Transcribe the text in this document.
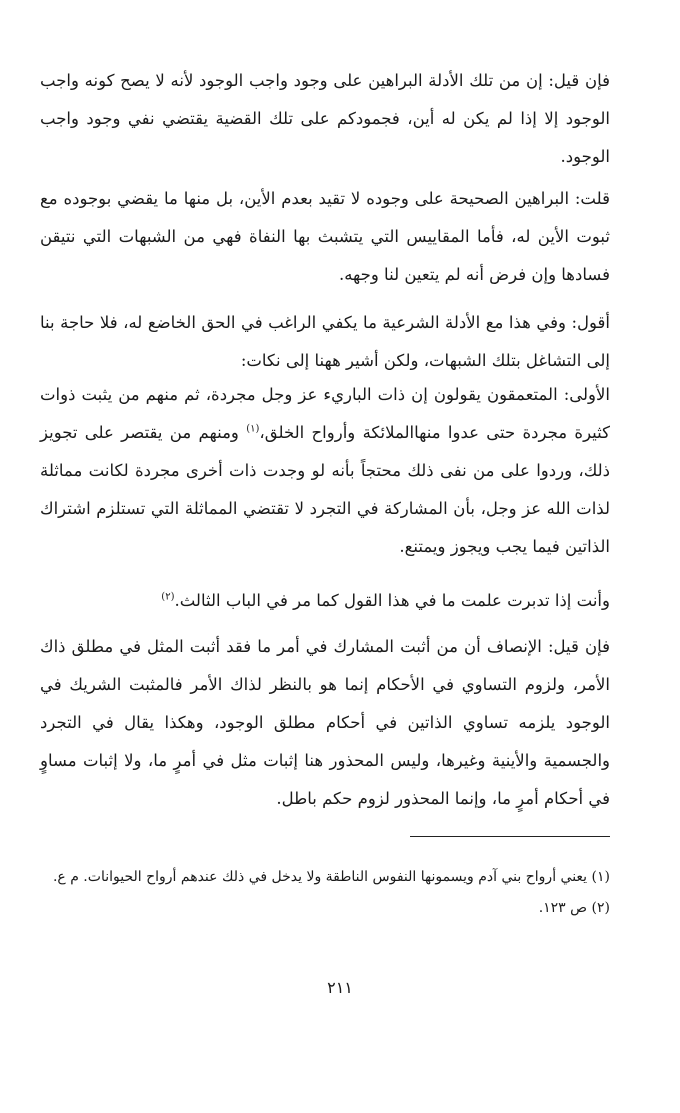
فإن قيل: إن من تلك الأدلة البراهين على وجود واجب الوجود لأنه لا يصح كونه واجب الوجود إلا إذا لم يكن له أين، فجمودكم على تلك القضية يقتضي نفي وجود واجب الوجود.

قلت: البراهين الصحيحة على وجوده لا تقيد بعدم الأين، بل منها ما يقضي بوجوده مع ثبوت الأين له، فأما المقاييس التي يتشبث بها النفاة فهي من الشبهات التي نتيقن فسادها وإن فرض أنه لم يتعين لنا وجهه.

أقول: وفي هذا مع الأدلة الشرعية ما يكفي الراغب في الحق الخاضع له، فلا حاجة بنا إلى التشاغل بتلك الشبهات، ولكن أشير ههنا إلى نكات:

الأولى: المتعمقون يقولون إن ذات الباريء عز وجل مجردة، ثم منهم من يثبت ذوات كثيرة مجردة حتى عدوا منهاالملائكة وأرواح الخلق،$^{(١)}$ ومنهم من يقتصر على تجويز ذلك، وردوا على من نفى ذلك محتجاً بأنه لو وجدت ذات أخرى مجردة لكانت مماثلة لذات الله عز وجل، بأن المشاركة في التجرد لا تقتضي المماثلة التي تستلزم اشتراك الذاتين فيما يجب ويجوز ويمتنع.

وأنت إذا تدبرت علمت ما في هذا القول كما مر في الباب الثالث.$^{(٢)}$

فإن قيل: الإنصاف أن من أثبت المشارك في أمر ما فقد أثبت المثل في مطلق ذاك الأمر، ولزوم التساوي في الأحكام إنما هو بالنظر لذاك الأمر فالمثبت الشريك في الوجود يلزمه تساوي الذاتين في أحكام مطلق الوجود، وهكذا يقال في التجرد والجسمية والأينية وغيرها، وليس المحذور هنا إثبات مثل في أمرٍ ما، ولا إثبات مساوٍ في أحكام أمرٍ ما، وإنما المحذور لزوم حكم باطل.

(١) يعني أرواح بني آدم ويسمونها النفوس الناطقة ولا يدخل في ذلك عندهم أرواح الحيوانات. م ع.

(٢) ص ١٢٣.

٢١١
